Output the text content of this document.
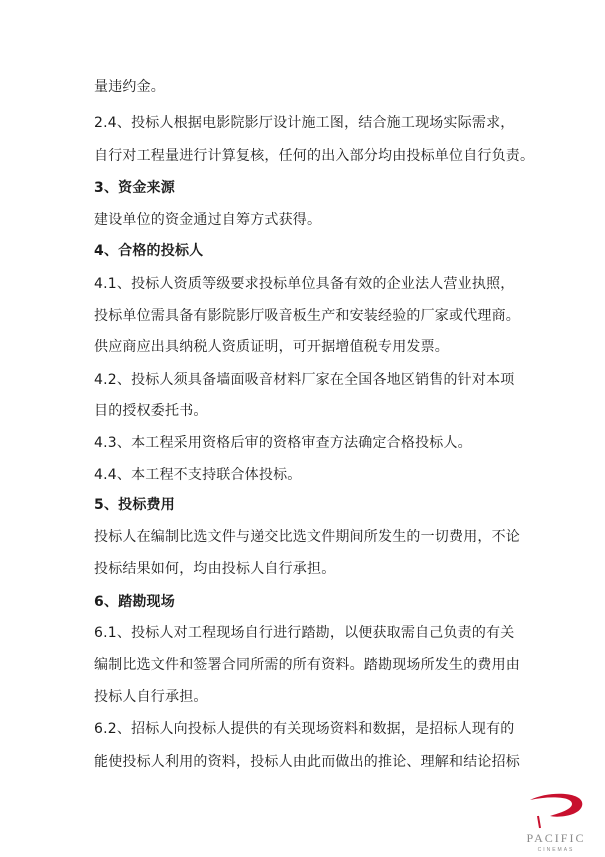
量违约金。

2.4、投标人根据电影院影厅设计施工图，结合施工现场实际需求，

自行对工程量进行计算复核，任何的出入部分均由投标单位自行负责。

3、资金来源

建设单位的资金通过自筹方式获得。

4、合格的投标人

4.1、投标人资质等级要求投标单位具备有效的企业法人营业执照，

投标单位需具备有影院影厅吸音板生产和安装经验的厂家或代理商。

供应商应出具纳税人资质证明，可开据增值税专用发票。

4.2、投标人须具备墙面吸音材料厂家在全国各地区销售的针对本项

目的授权委托书。

4.3、本工程采用资格后审的资格审查方法确定合格投标人。

4.4、本工程不支持联合体投标。

5、投标费用

投标人在编制比选文件与递交比选文件期间所发生的一切费用，不论

投标结果如何，均由投标人自行承担。

6、踏勘现场

6.1、投标人对工程现场自行进行踏勘，以便获取需自己负责的有关

编制比选文件和签署合同所需的所有资料。踏勘现场所发生的费用由

投标人自行承担。

6.2、招标人向投标人提供的有关现场资料和数据，是招标人现有的

能使投标人利用的资料，投标人由此而做出的推论、理解和结论招标

PACIFIC
CINEMAS
